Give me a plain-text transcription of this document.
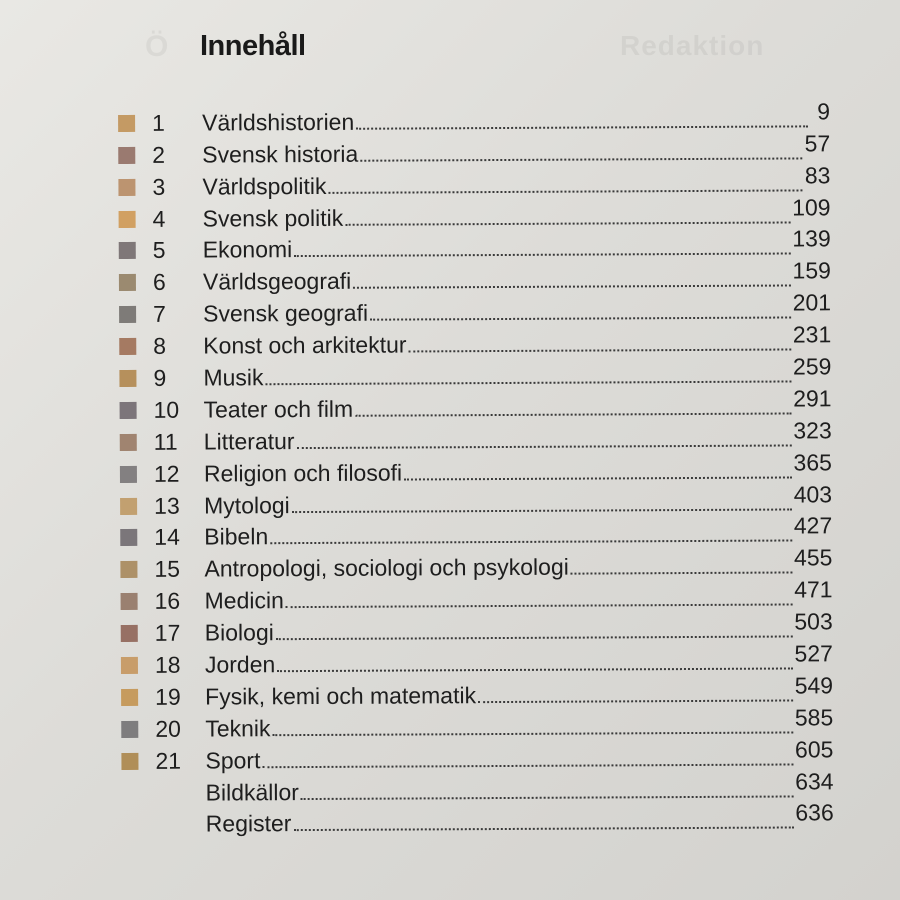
Redaktion
Ö Innehåll
1	Världshistorien	9
2	Svensk historia	57
3	Världspolitik	83
4	Svensk politik	109
5	Ekonomi	139
6	Världsgeografi	159
7	Svensk geografi	201
8	Konst och arkitektur	231
9	Musik	259
10	Teater och film	291
11	Litteratur	323
12	Religion och filosofi	365
13	Mytologi	403
14	Bibeln	427
15	Antropologi, sociologi och psykologi	455
16	Medicin	471
17	Biologi	503
18	Jorden	527
19	Fysik, kemi och matematik	549
20	Teknik	585
21	Sport	605
Bildkällor	634
Register	636
